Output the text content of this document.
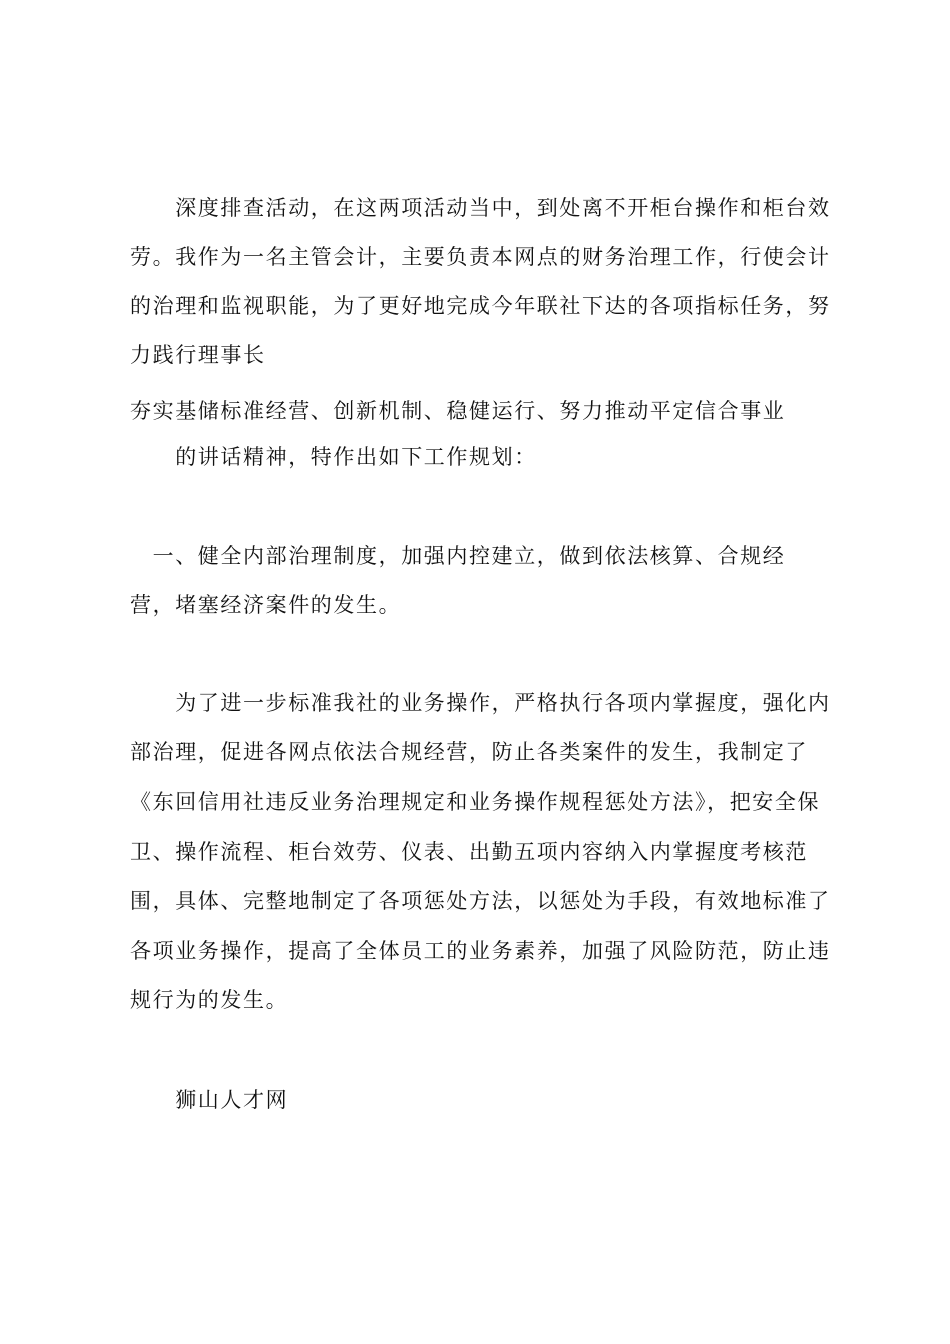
　　深度排查活动，在这两项活动当中，到处离不开柜台操作和柜台效
劳。我作为一名主管会计，主要负责本网点的财务治理工作，行使会计
的治理和监视职能，为了更好地完成今年联社下达的各项指标任务，努
力践行理事长
夯实基储标准经营、创新机制、稳健运行、努力推动平定信合事业
　　的讲话精神，特作出如下工作规划：
　一、健全内部治理制度，加强内控建立，做到依法核算、合规经
营，堵塞经济案件的发生。
　　为了进一步标准我社的业务操作，严格执行各项内掌握度，强化内
部治理，促进各网点依法合规经营，防止各类案件的发生，我制定了
《东回信用社违反业务治理规定和业务操作规程惩处方法》，把安全保
卫、操作流程、柜台效劳、仪表、出勤五项内容纳入内掌握度考核范
围，具体、完整地制定了各项惩处方法，以惩处为手段，有效地标准了
各项业务操作，提高了全体员工的业务素养，加强了风险防范，防止违
规行为的发生。
　　狮山人才网
